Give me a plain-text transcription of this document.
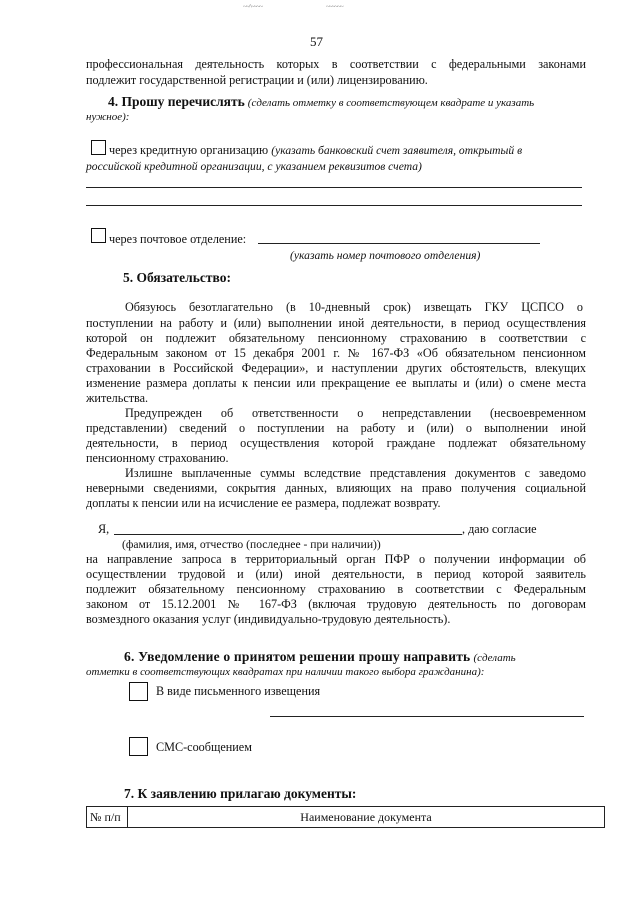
~~^~~~~	~~~~~~
57
профессиональная деятельность которых в соответствии с федеральными законами
подлежит государственной регистрации и (или) лицензированию.
4. Прошу перечислять (сделать отметку в соответствующем квадрате и указать
нужное):
через кредитную организацию (указать банковский счет заявителя, открытый в
российской кредитной организации, с указанием реквизитов счета)
через почтовое отделение:
(указать номер почтового отделения)
5. Обязательство:
Обязуюсь безотлагательно (в 10-дневный срок) извещать ГКУ ЦСПСО о
поступлении на работу и (или) выполнении иной деятельности, в период осуществления
которой он подлежит обязательному пенсионному страхованию в соответствии с
Федеральным законом от 15 декабря 2001 г. № 167-ФЗ «Об обязательном пенсионном
страховании в Российской Федерации», и наступлении других обстоятельств, влекущих
изменение размера доплаты к пенсии или прекращение ее выплаты и (или) о смене места
жительства.
Предупрежден об ответственности о непредставлении (несвоевременном
представлении) сведений о поступлении на работу и (или) о выполнении иной
деятельности, в период осуществления которой граждане подлежат обязательному
пенсионному страхованию.
Излишне выплаченные суммы вследствие представления документов с заведомо
неверными сведениями, сокрытия данных, влияющих на право получения социальной
доплаты к пенсии или на исчисление ее размера, подлежат возврату.
Я,	, даю согласие
(фамилия, имя, отчество (последнее - при наличии))
на направление запроса в территориальный орган ПФР о получении информации об
осуществлении трудовой и (или) иной деятельности, в период которой заявитель
подлежит обязательному пенсионному страхованию в соответствии с Федеральным
законом от 15.12.2001 № 167-ФЗ (включая трудовую деятельность по договорам
возмездного оказания услуг (индивидуально-трудовую деятельность).
6. Уведомление о принятом решении прошу направить (сделать
отметки в соответствующих квадратах при наличии такого выбора гражданина):
В виде письменного извещения
СМС-сообщением
7. К заявлению прилагаю документы:
№ п/п	Наименование документа
